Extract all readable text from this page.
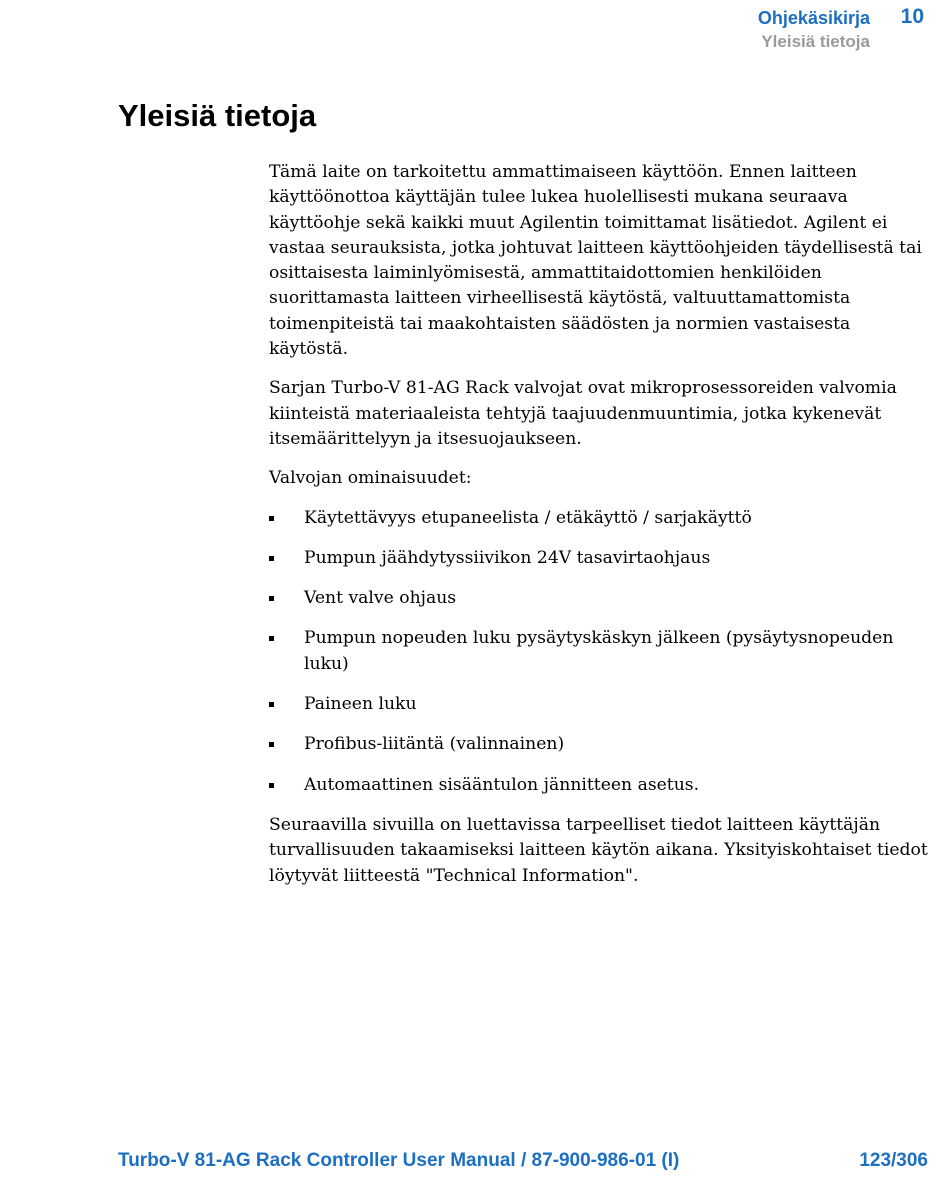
Ohjekäsikirja 10
Yleisiä tietoja
Yleisiä tietoja

Tämä laite on tarkoitettu ammattimaiseen käyttöön. Ennen laitteen käyttöönottoa käyttäjän tulee lukea huolellisesti mukana seuraava käyttöohje sekä kaikki muut Agilentin toimittamat lisätiedot. Agilent ei vastaa seurauksista, jotka johtuvat laitteen käyttöohjeiden täydellisestä tai osittaisesta laiminlyömisestä, ammattitaidottomien henkilöiden suorittamasta laitteen virheellisestä käytöstä, valtuuttamattomista toimenpiteistä tai maakohtaisten säädösten ja normien vastaisesta käytöstä.

Sarjan Turbo-V 81-AG Rack valvojat ovat mikroprosessoreiden valvomia kiinteistä materiaaleista tehtyjä taajuudenmuuntimia, jotka kykenevät itsemäärittelyyn ja itsesuojaukseen.

Valvojan ominaisuudet:

Käytettävyys etupaneelista / etäkäyttö / sarjakäyttö
Pumpun jäähdytyssiivikon 24V tasavirtaohjaus
Vent valve ohjaus
Pumpun nopeuden luku pysäytyskäskyn jälkeen (pysäytysnopeuden luku)
Paineen luku
Profibus-liitäntä (valinnainen)
Automaattinen sisääntulon jännitteen asetus.

Seuraavilla sivuilla on luettavissa tarpeelliset tiedot laitteen käyttäjän turvallisuuden takaamiseksi laitteen käytön aikana. Yksityiskohtaiset tiedot löytyvät liitteestä "Technical Information".

Turbo-V 81-AG Rack Controller User Manual / 87-900-986-01 (I)	123/306
